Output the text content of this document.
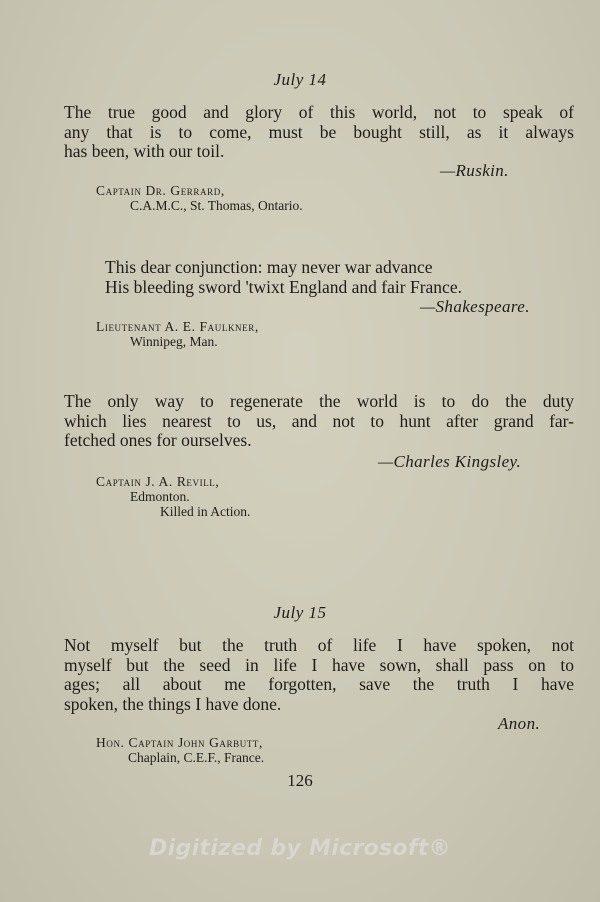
July 14
The true good and glory of this world, not to speak of
any that is to come, must be bought still, as it always
has been, with our toil.
—Ruskin.
Captain Dr. Gerrard,
C.A.M.C., St. Thomas, Ontario.
This dear conjunction: may never war advance
His bleeding sword 'twixt England and fair France.
—Shakespeare.
Lieutenant A. E. Faulkner,
Winnipeg, Man.
The only way to regenerate the world is to do the duty
which lies nearest to us, and not to hunt after grand far-
fetched ones for ourselves.
—Charles Kingsley.
Captain J. A. Revill,
Edmonton.
Killed in Action.
July 15
Not myself but the truth of life I have spoken, not
myself but the seed in life I have sown, shall pass on to
ages; all about me forgotten, save the truth I have
spoken, the things I have done.
Anon.
Hon. Captain John Garbutt,
Chaplain, C.E.F., France.
126
Digitized by Microsoft®
